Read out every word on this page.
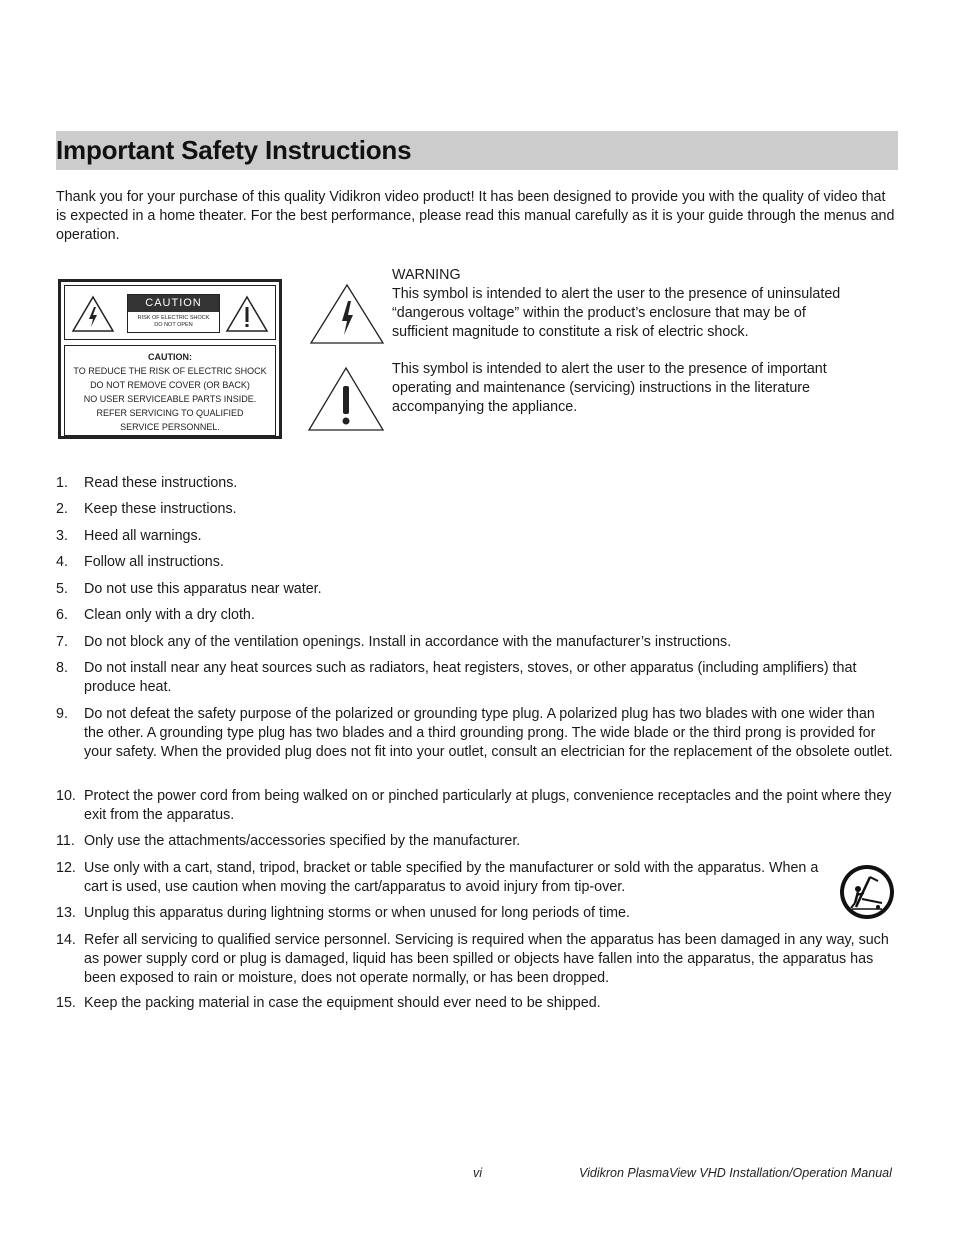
Important Safety Instructions

Thank you for your purchase of this quality Vidikron video product! It has been designed to provide you with the quality of video that is expected in a home theater. For the best performance, please read this manual carefully as it is your guide through the menus and operation.

CAUTION
RISK OF ELECTRIC SHOCK
DO NOT OPEN
CAUTION:
TO REDUCE THE RISK OF ELECTRIC SHOCK
DO NOT REMOVE COVER (OR BACK)
NO USER SERVICEABLE PARTS INSIDE.
REFER SERVICING TO QUALIFIED
SERVICE PERSONNEL.

WARNING

This symbol is intended to alert the user to the presence of uninsulated “dangerous voltage” within the product’s enclosure that may be of sufficient magnitude to constitute a risk of electric shock.

This symbol is intended to alert the user to the presence of important operating and maintenance (servicing) instructions in the literature accompanying the appliance.

1.	Read these instructions.
2.	Keep these instructions.
3.	Heed all warnings.
4.	Follow all instructions.
5.	Do not use this apparatus near water.
6.	Clean only with a dry cloth.
7.	Do not block any of the ventilation openings. Install in accordance with the manufacturer’s instructions.
8.	Do not install near any heat sources such as radiators, heat registers, stoves, or other apparatus (including amplifiers) that produce heat.
9.	Do not defeat the safety purpose of the polarized or grounding type plug. A polarized plug has two blades with one wider than the other. A grounding type plug has two blades and a third grounding prong. The wide blade or the third prong is provided for your safety. When the provided plug does not fit into your outlet, consult an electrician for the replacement of the obsolete outlet.
10. Protect the power cord from being walked on or pinched particularly at plugs, convenience receptacles and the point where they exit from the apparatus.
11. Only use the attachments/accessories specified by the manufacturer.
12. Use only with a cart, stand, tripod, bracket or table specified by the manufacturer or sold with the apparatus. When a cart is used, use caution when moving the cart/apparatus to avoid injury from tip-over.
13. Unplug this apparatus during lightning storms or when unused for long periods of time.
14. Refer all servicing to qualified service personnel. Servicing is required when the apparatus has been damaged in any way, such as power supply cord or plug is damaged, liquid has been spilled or objects have fallen into the apparatus, the apparatus has been exposed to rain or moisture, does not operate normally, or has been dropped.
15. Keep the packing material in case the equipment should ever need to be shipped.
vi	Vidikron PlasmaView VHD Installation/Operation Manual
